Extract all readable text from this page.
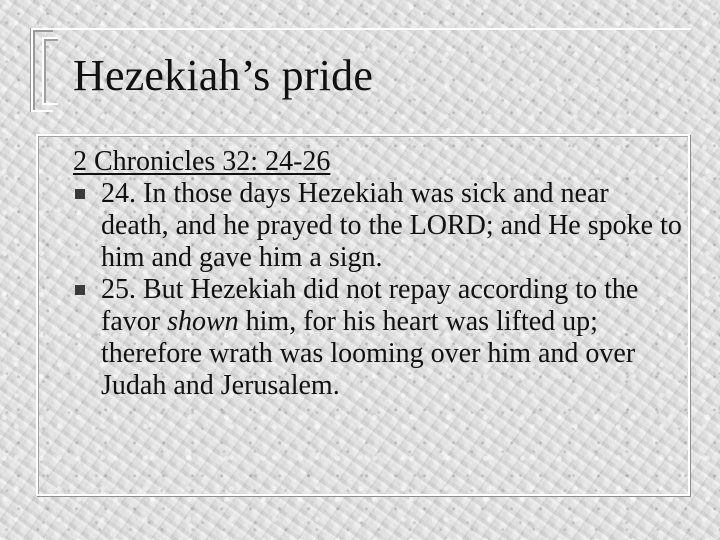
Hezekiah’s pride

2 Chronicles 32: 24-26

24. In those days Hezekiah was sick and near death, and he prayed to the LORD; and He spoke to him and gave him a sign.

25. But Hezekiah did not repay according to the favor shown him, for his heart was lifted up; therefore wrath was looming over him and over Judah and Jerusalem.
